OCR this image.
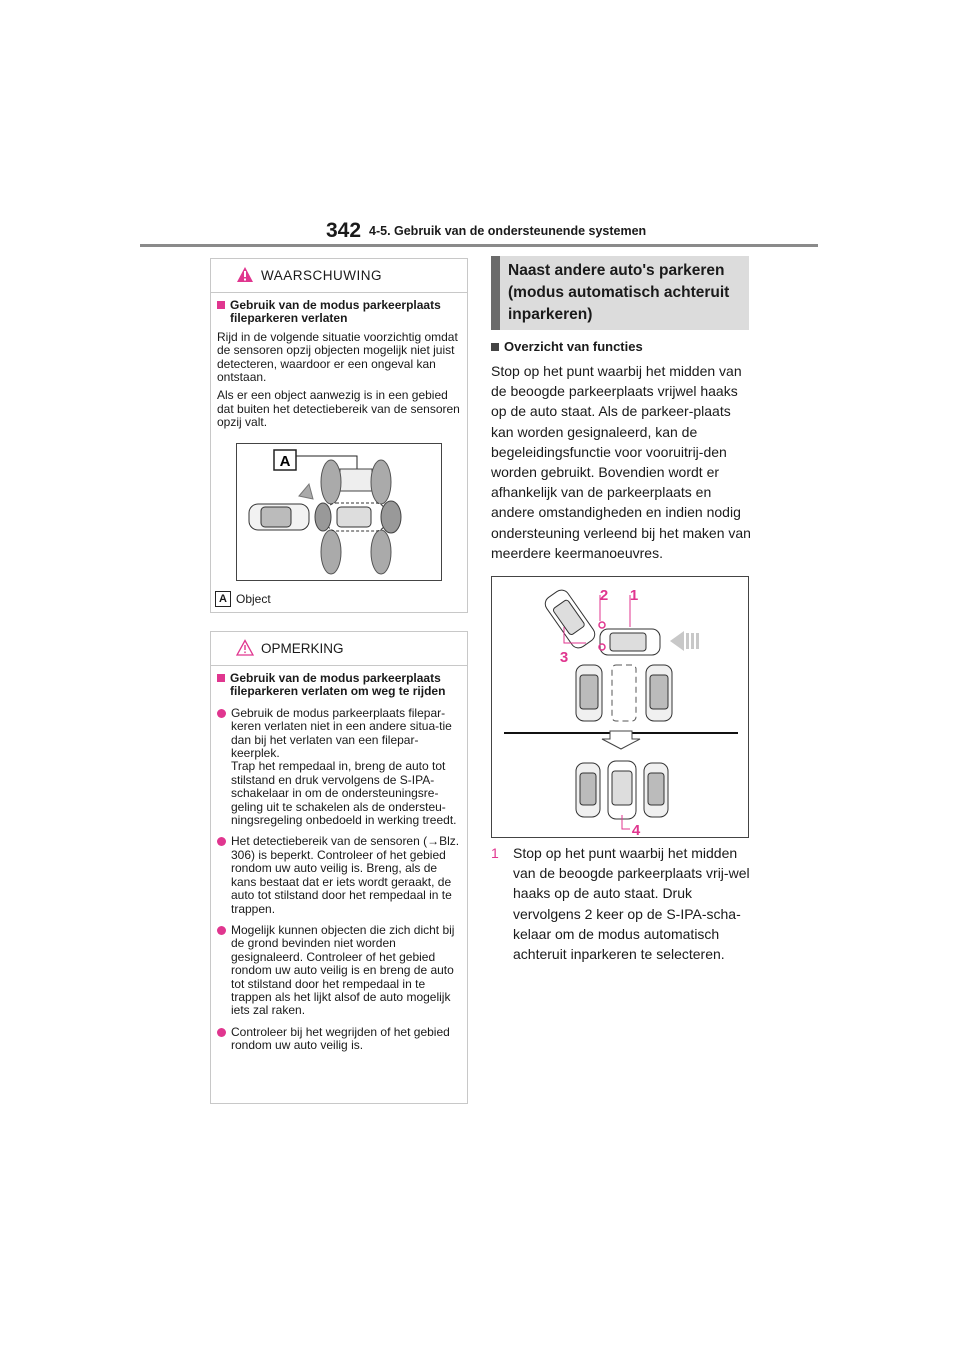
342 4-5. Gebruik van de ondersteunende systemen
WAARSCHUWING
Gebruik van de modus parkeerplaats fileparkeren verlaten

Rijd in de volgende situatie voorzichtig omdat de sensoren opzij objecten mogelijk niet juist detecteren, waardoor er een ongeval kan ontstaan.

Als er een object aanwezig is in een gebied dat buiten het detectiebereik van de sensoren opzij valt.

A
A Object
OPMERKING
Gebruik van de modus parkeerplaats fileparkeren verlaten om weg te rijden
Gebruik de modus parkeerplaats filepar-keren verlaten niet in een andere situa-tie dan bij het verlaten van een filepar-keerplek.
Trap het rempedaal in, breng de auto tot stilstand en druk vervolgens de S-IPA-schakelaar in om de ondersteuningsre-geling uit te schakelen als de ondersteu-ningsregeling onbedoeld in werking treedt.
Het detectiebereik van de sensoren (→Blz. 306) is beperkt. Controleer of het gebied rondom uw auto veilig is. Breng, als de kans bestaat dat er iets wordt geraakt, de auto tot stilstand door het rempedaal in te trappen.
Mogelijk kunnen objecten die zich dicht bij de grond bevinden niet worden gesignaleerd. Controleer of het gebied rondom uw auto veilig is en breng de auto tot stilstand door het rempedaal in te trappen als het lijkt alsof de auto mogelijk iets zal raken.
Controleer bij het wegrijden of het gebied rondom uw auto veilig is.
Naast andere auto's parkeren (modus automatisch achteruit inparkeren)
Overzicht van functies
Stop op het punt waarbij het midden van de beoogde parkeerplaats vrijwel haaks op de auto staat. Als de parkeer-plaats kan worden gesignaleerd, kan de begeleidingsfunctie voor vooruitrij-den worden gebruikt. Bovendien wordt er afhankelijk van de parkeerplaats en andere omstandigheden en indien nodig ondersteuning verleend bij het maken van meerdere keermanoeuvres.
2 1
3
4
1	Stop op het punt waarbij het midden van de beoogde parkeerplaats vrij-wel haaks op de auto staat. Druk vervolgens 2 keer op de S-IPA-scha-kelaar om de modus automatisch achteruit inparkeren te selecteren.
